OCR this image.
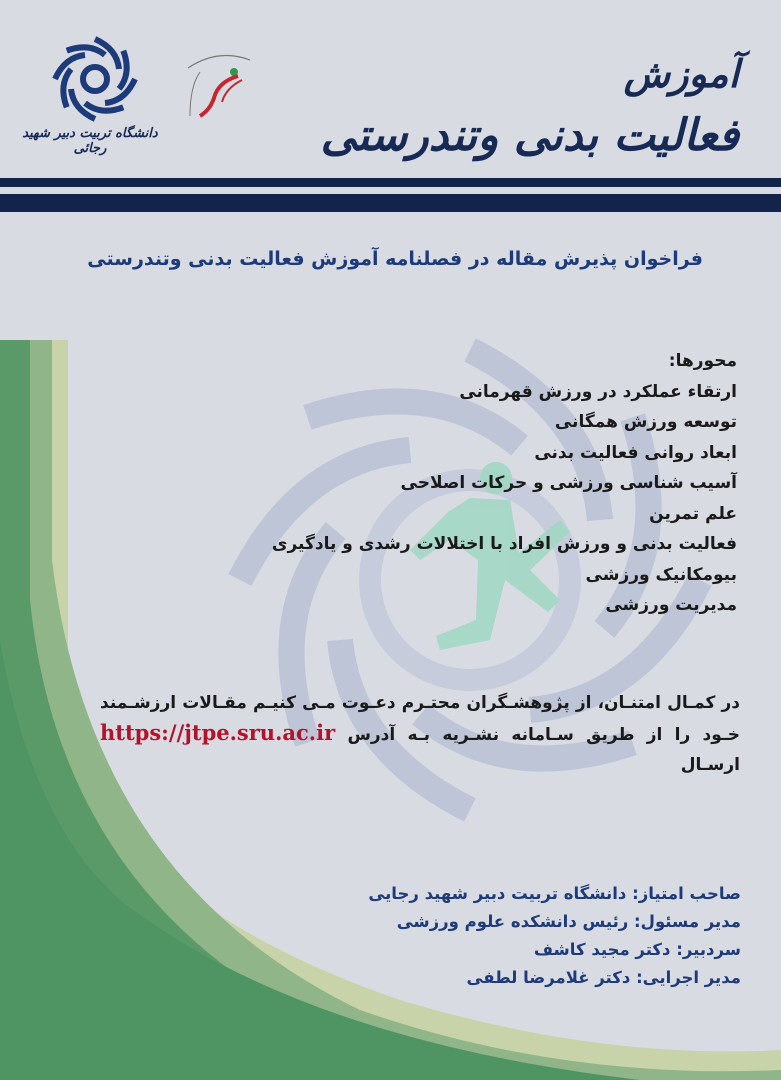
دانشگاه تربیت دبیر شهید رجائی
آموزش
فعالیت بدنی وتندرستی
فراخوان پذیرش مقاله در فصلنامه آموزش فعالیت بدنی وتندرستی
محورها:
ارتقاء عملکرد در ورزش قهرمانی
توسعه ورزش همگانی
ابعاد روانی فعالیت بدنی
آسیب شناسی ورزشی و حرکات اصلاحی
علم تمرین
فعالیت بدنی و ورزش افراد با اختلالات رشدی و یادگیری
بیومکانیک ورزشی
مدیریت ورزشی
در کمـال امتنـان، از پژوهشـگران محتـرم دعـوت مـی کنیـم مقـالات ارزشـمند
خـود را از طریق سـامانه نشـریه بـه آدرس https://jtpe.sru.ac.ir ارسـال
صاحب امتیاز: دانشگاه تربیت دبیر شهید رجایی
مدیر مسئول: رئیس دانشکده علوم ورزشی
سردبیر: دکتر مجید کاشف
مدیر اجرایی: دکتر غلامرضا لطفی
